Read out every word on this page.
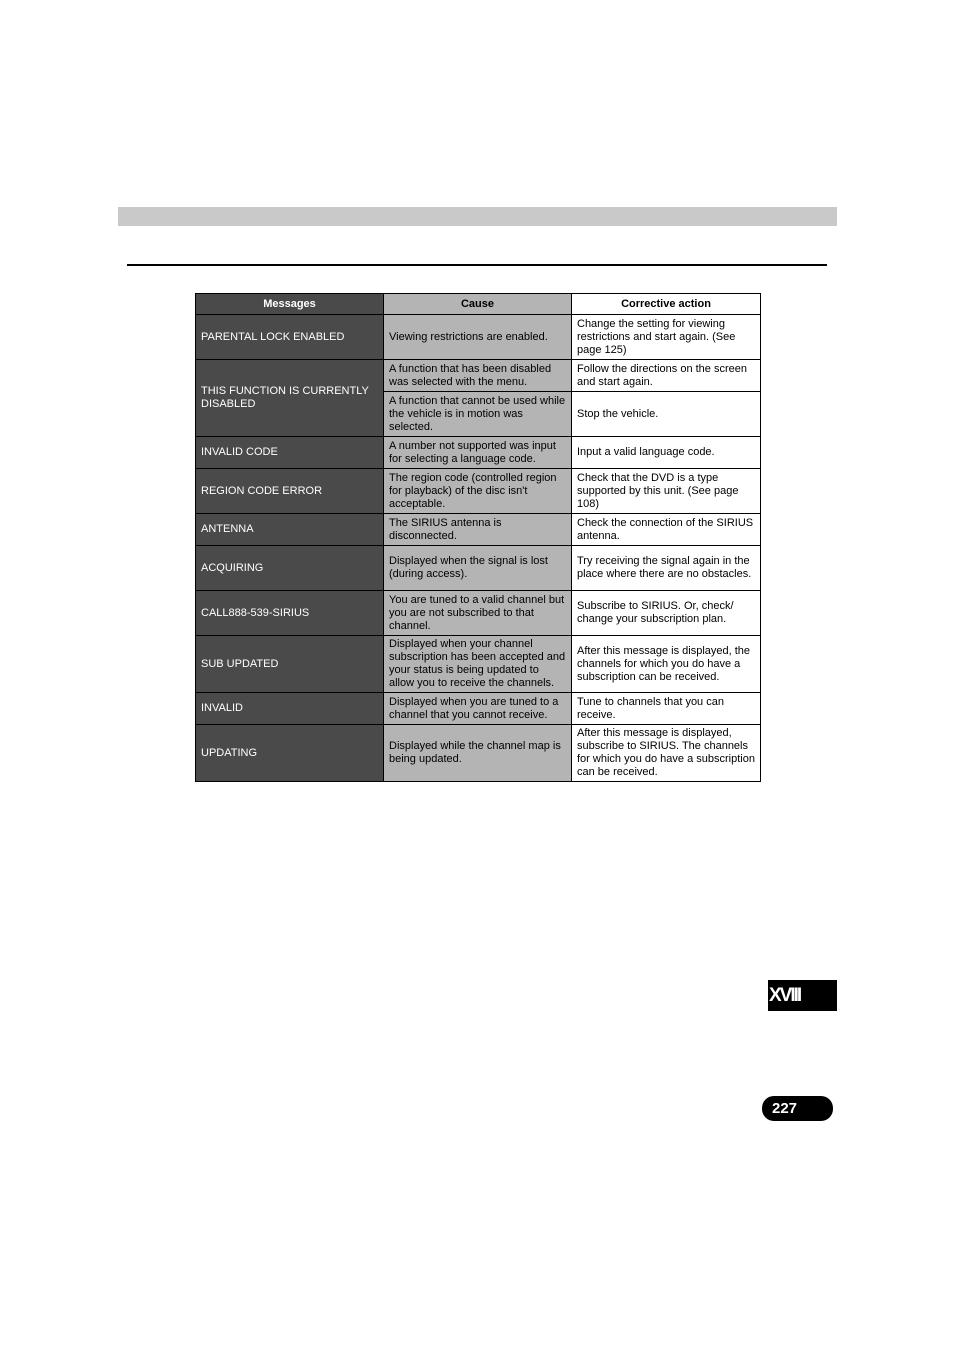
Messages	Cause	Corrective action
PARENTAL LOCK ENABLED	Viewing restrictions are enabled.	Change the setting for viewing restrictions and start again. (See page 125)
THIS FUNCTION IS CURRENTLY DISABLED	A function that has been disabled was selected with the menu.	Follow the directions on the screen and start again.
	A function that cannot be used while the vehicle is in motion was selected.	Stop the vehicle.
INVALID CODE	A number not supported was input for selecting a language code.	Input a valid language code.
REGION CODE ERROR	The region code (controlled region for playback) of the disc isn't acceptable.	Check that the DVD is a type supported by this unit. (See page 108)
ANTENNA	The SIRIUS antenna is disconnected.	Check the connection of the SIRIUS antenna.
ACQUIRING	Displayed when the signal is lost (during access).	Try receiving the signal again in the place where there are no obstacles.
CALL888-539-SIRIUS	You are tuned to a valid channel but you are not subscribed to that channel.	Subscribe to SIRIUS. Or, check/ change your subscription plan.
SUB UPDATED	Displayed when your channel subscription has been accepted and your status is being updated to allow you to receive the channels.	After this message is displayed, the channels for which you do have a subscription can be received.
INVALID	Displayed when you are tuned to a channel that you cannot receive.	Tune to channels that you can receive.
UPDATING	Displayed while the channel map is being updated.	After this message is displayed, subscribe to SIRIUS. The channels for which you do have a subscription can be received.
XVIII
227
